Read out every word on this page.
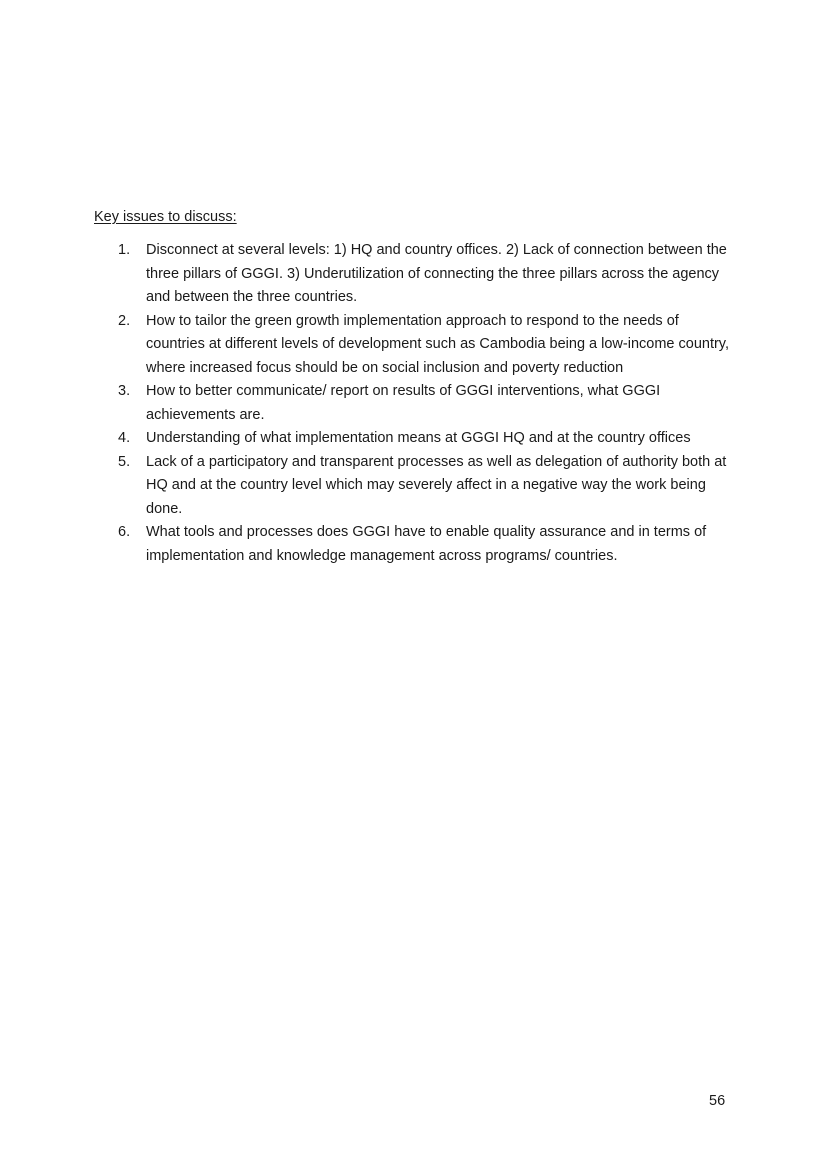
Key issues to discuss:
1. Disconnect at several levels: 1) HQ and country offices. 2) Lack of connection between the three pillars of GGGI. 3) Underutilization of connecting the three pillars across the agency and between the three countries.
2. How to tailor the green growth implementation approach to respond to the needs of countries at different levels of development such as Cambodia being a low-income country, where increased focus should be on social inclusion and poverty reduction
3. How to better communicate/ report on results of GGGI interventions, what GGGI achievements are.
4. Understanding of what implementation means at GGGI HQ and at the country offices
5. Lack of a participatory and transparent processes as well as delegation of authority both at HQ and at the country level which may severely affect in a negative way the work being done.
6. What tools and processes does GGGI have to enable quality assurance and in terms of implementation and knowledge management across programs/ countries.
56
